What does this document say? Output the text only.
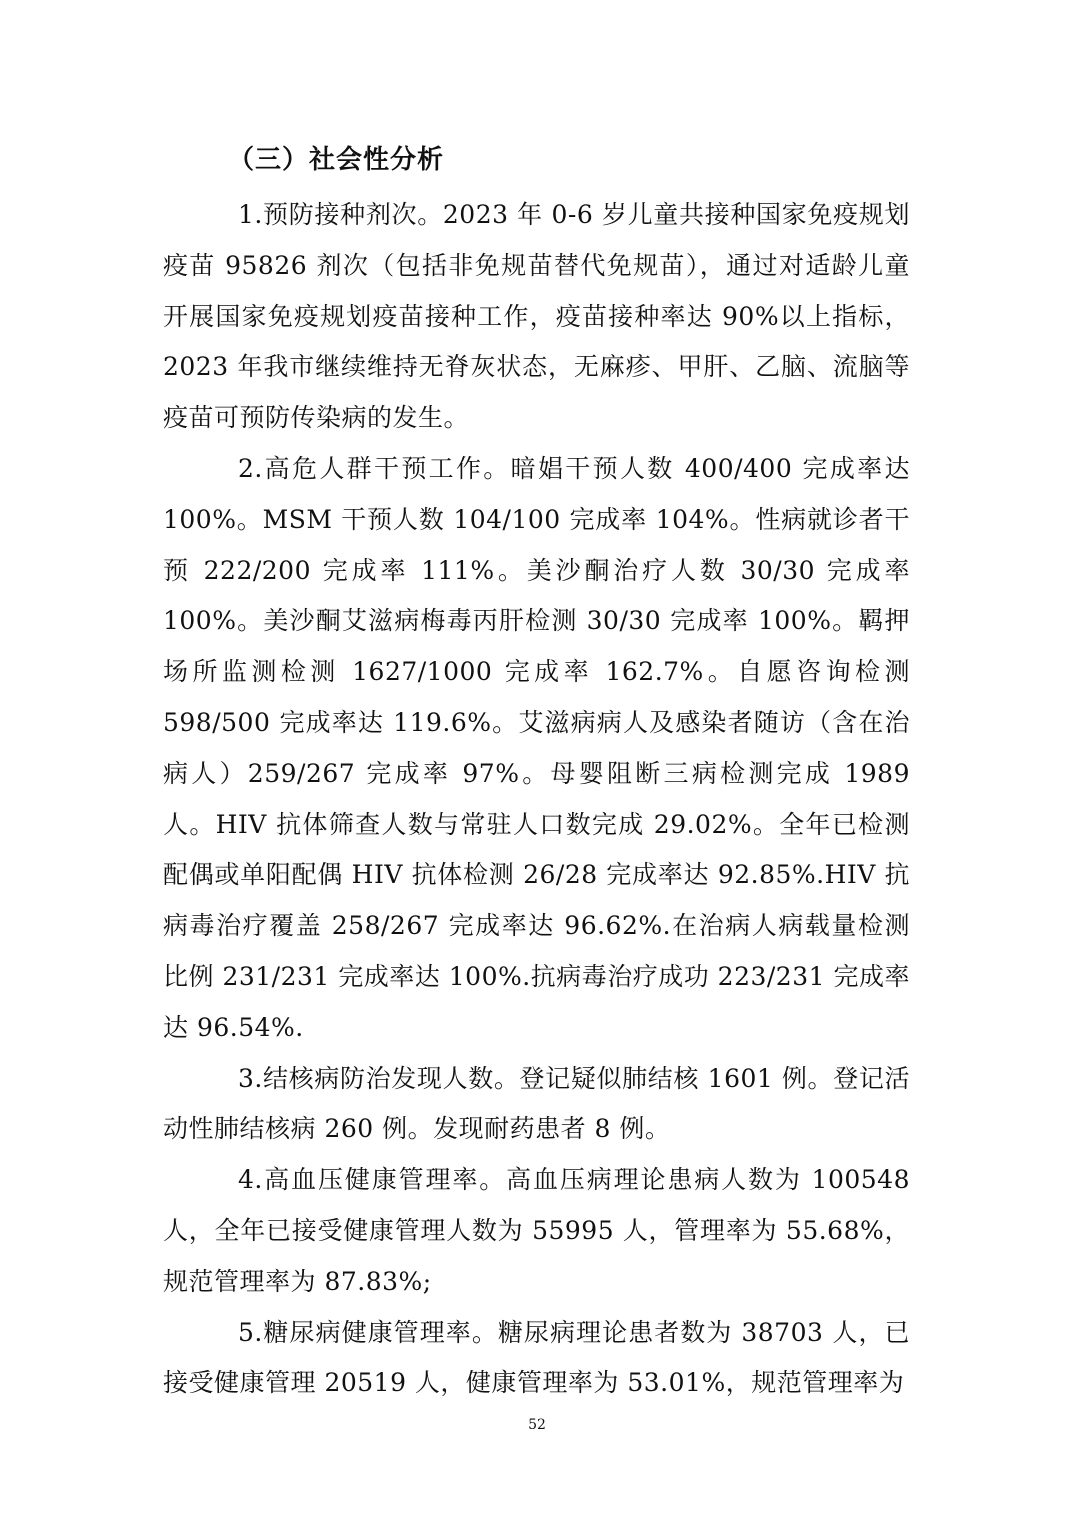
（三）社会性分析

1.预防接种剂次。2023 年 0-6 岁儿童共接种国家免疫规划疫苗 95826 剂次（包括非免规苗替代免规苗），通过对适龄儿童开展国家免疫规划疫苗接种工作，疫苗接种率达 90%以上指标，2023 年我市继续维持无脊灰状态，无麻疹、甲肝、乙脑、流脑等疫苗可预防传染病的发生。

2.高危人群干预工作。暗娼干预人数 400/400 完成率达 100%。MSM 干预人数 104/100 完成率 104%。性病就诊者干预 222/200 完成率 111%。美沙酮治疗人数 30/30 完成率 100%。美沙酮艾滋病梅毒丙肝检测 30/30 完成率 100%。羁押场所监测检测 1627/1000 完成率 162.7%。自愿咨询检测 598/500 完成率达 119.6%。艾滋病病人及感染者随访（含在治病人）259/267 完成率 97%。母婴阻断三病检测完成 1989 人。HIV 抗体筛查人数与常驻人口数完成 29.02%。全年已检测配偶或单阳配偶 HIV 抗体检测 26/28 完成率达 92.85%.HIV 抗病毒治疗覆盖 258/267 完成率达 96.62%.在治病人病载量检测比例 231/231 完成率达 100%.抗病毒治疗成功 223/231 完成率达 96.54%.

3.结核病防治发现人数。登记疑似肺结核 1601 例。登记活动性肺结核病 260 例。发现耐药患者 8 例。

4.高血压健康管理率。高血压病理论患病人数为 100548 人，全年已接受健康管理人数为 55995 人，管理率为 55.68%，规范管理率为 87.83%;

5.糖尿病健康管理率。糖尿病理论患者数为 38703 人，已接受健康管理 20519 人，健康管理率为 53.01%，规范管理率为

52
